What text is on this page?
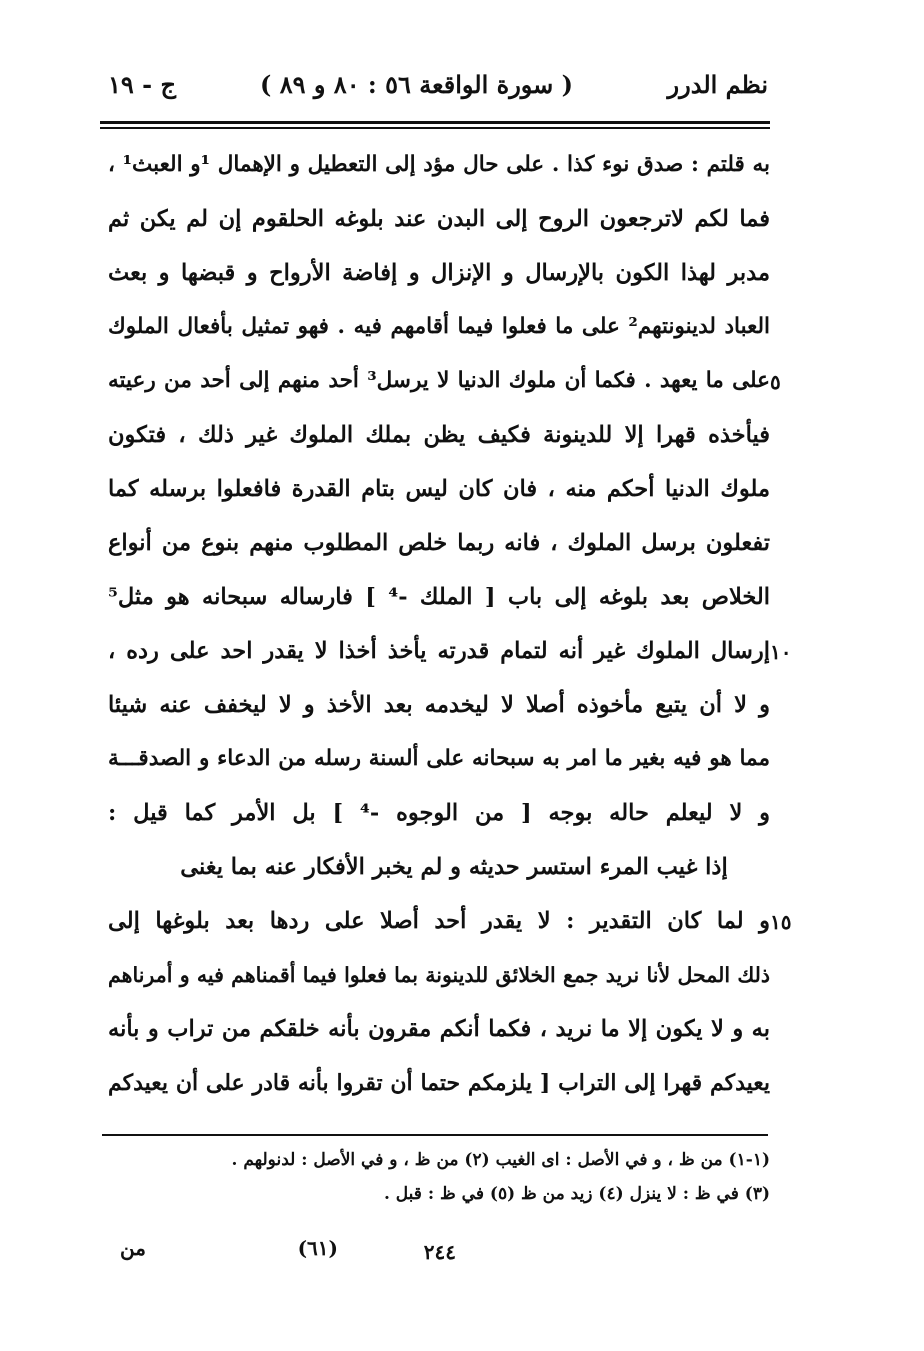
نظم الدرر
( سورة الواقعة ٥٦ : ٨٠ و ٨٩ )
ج - ١٩
به قلتم : صدق نوء كذا . على حال مؤد إلى التعطيل و الإهمال ¹و العبث¹ ،
فما لكم لاترجعون الروح إلى البدن عند بلوغه الحلقوم إن لم يكن ثم
مدبر لهذا الكون بالإرسال و الإنزال و إفاضة الأرواح و قبضها و بعث
العباد لدينونتهم² على ما فعلوا فيما أقامهم فيه . فهو تمثيل بأفعال الملوك
على ما يعهد . فكما أن ملوك الدنيا لا يرسل³ أحد منهم إلى أحد من رعيته
فيأخذه قهرا إلا للدينونة فكيف يظن بملك الملوك غير ذلك ، فتكون
ملوك الدنيا أحكم منه ، فان كان ليس بتام القدرة فافعلوا برسله كما
تفعلون برسل الملوك ، فانه ربما خلص المطلوب منهم بنوع من أنواع
الخلاص بعد بلوغه إلى باب [ الملك -⁴ ] فارساله سبحانه هو مثل⁵
إرسال الملوك غير أنه لتمام قدرته يأخذ أخذا لا يقدر احد على رده ،
و لا أن يتبع مأخوذه أصلا لا ليخدمه بعد الأخذ و لا ليخفف عنه شيئا
مما هو فيه بغير ما امر به سبحانه على ألسنة رسله من الدعاء و الصدقـــة
و لا ليعلم حاله بوجه [ من الوجوه -⁴ ] بل الأمر كما قيل :
إذا غيب المرء استسر حديثه و لم يخبر الأفكار عنه بما يغنى
و لما كان التقدير : لا يقدر أحد أصلا على ردها بعد بلوغها إلى
ذلك المحل لأنا نريد جمع الخلائق للدينونة بما فعلوا فيما أقمناهم فيه و أمرناهم
به و لا يكون إلا ما نريد ، فكما أنكم مقرون بأنه خلقكم من تراب و بأنه
يعيدكم قهرا إلى التراب [ يلزمكم حتما أن تقروا بأنه قادر على أن يعيدكم
٥
١٠
١٥
(١-١) من ظ ، و في الأصل : اى الغيب (٢) من ظ ، و في الأصل : لدنولهم .
(٣) في ظ : لا ينزل (٤) زيد من ظ (٥) في ظ : قبل .
٢٤٤
(٦١)
من
